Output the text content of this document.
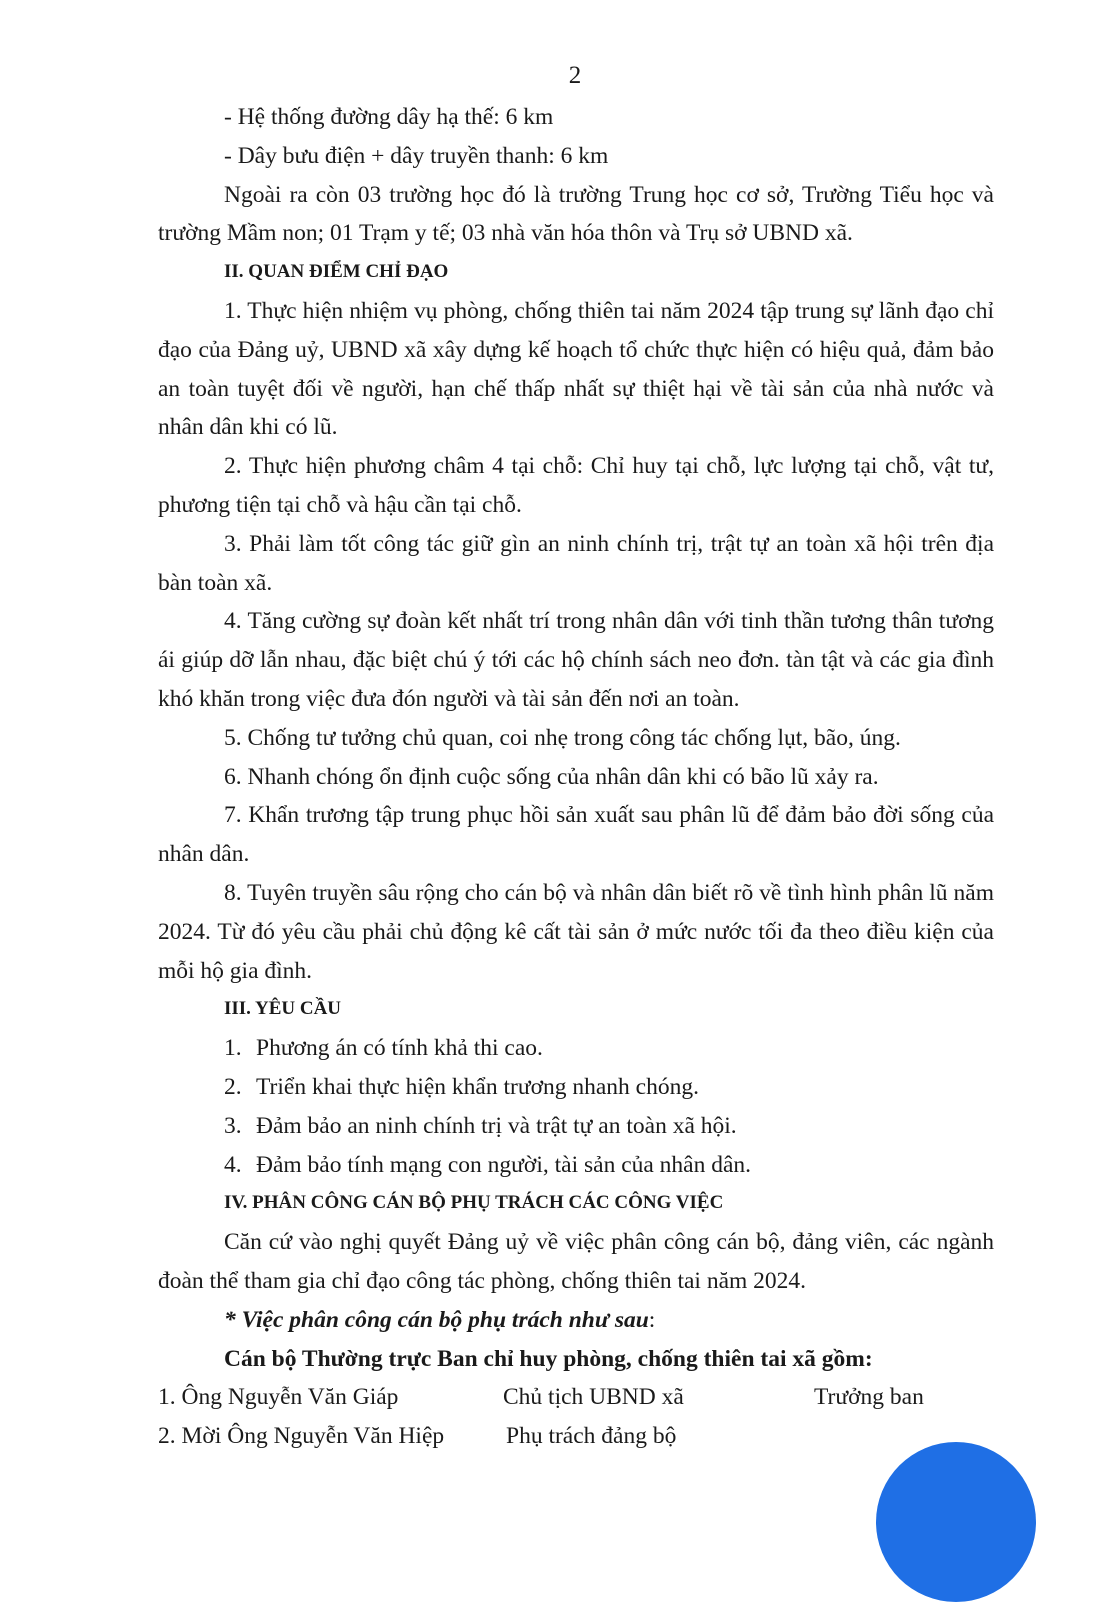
2

- Hệ thống đường dây hạ thế: 6 km

- Dây bưu điện + dây truyền thanh: 6 km

Ngoài ra còn 03 trường học đó là trường Trung học cơ sở, Trường Tiểu học và trường Mầm non; 01 Trạm y tế; 03 nhà văn hóa thôn và Trụ sở UBND xã.

II. QUAN ĐIỂM CHỈ ĐẠO

1. Thực hiện nhiệm vụ phòng, chống thiên tai năm 2024 tập trung sự lãnh đạo chỉ đạo của Đảng uỷ, UBND xã xây dựng kế hoạch tổ chức thực hiện có hiệu quả, đảm bảo an toàn tuyệt đối về người, hạn chế thấp nhất sự thiệt hại về tài sản của nhà nước và nhân dân khi có lũ.

2. Thực hiện phương châm 4 tại chỗ: Chỉ huy tại chỗ, lực lượng tại chỗ, vật tư, phương tiện tại chỗ và hậu cần tại chỗ.

3. Phải làm tốt công tác giữ gìn an ninh chính trị, trật tự an toàn xã hội trên địa bàn toàn xã.

4. Tăng cường sự đoàn kết nhất trí trong nhân dân với tinh thần tương thân tương ái giúp dỡ lẫn nhau, đặc biệt chú ý tới các hộ chính sách neo đơn. tàn tật và các gia đình khó khăn trong việc đưa đón người và tài sản đến nơi an toàn.

5. Chống tư tưởng chủ quan, coi nhẹ trong công tác chống lụt, bão, úng.

6. Nhanh chóng ổn định cuộc sống của nhân dân khi có bão lũ xảy ra.

7. Khẩn trương tập trung phục hồi sản xuất sau phân lũ để đảm bảo đời sống của nhân dân.

8. Tuyên truyền sâu rộng cho cán bộ và nhân dân biết rõ về tình hình phân lũ năm 2024. Từ đó yêu cầu phải chủ động kê cất tài sản ở mức nước tối đa theo điều kiện của mỗi hộ gia đình.

III. YÊU CẦU

1. Phương án có tính khả thi cao.

2. Triển khai thực hiện khẩn trương nhanh chóng.

3. Đảm bảo an ninh chính trị và trật tự an toàn xã hội.

4. Đảm bảo tính mạng con người, tài sản của nhân dân.

IV. PHÂN CÔNG CÁN BỘ PHỤ TRÁCH CÁC CÔNG VIỆC

Căn cứ vào nghị quyết Đảng uỷ về việc phân công cán bộ, đảng viên, các ngành đoàn thể tham gia chỉ đạo công tác phòng, chống thiên tai năm 2024.

* Việc phân công cán bộ phụ trách như sau:

Cán bộ Thường trực Ban chỉ huy phòng, chống thiên tai xã gồm:

1. Ông Nguyễn Văn Giáp	Chủ tịch UBND xã	Trưởng ban
2. Mời Ông Nguyễn Văn Hiệp	Phụ trách đảng bộ
